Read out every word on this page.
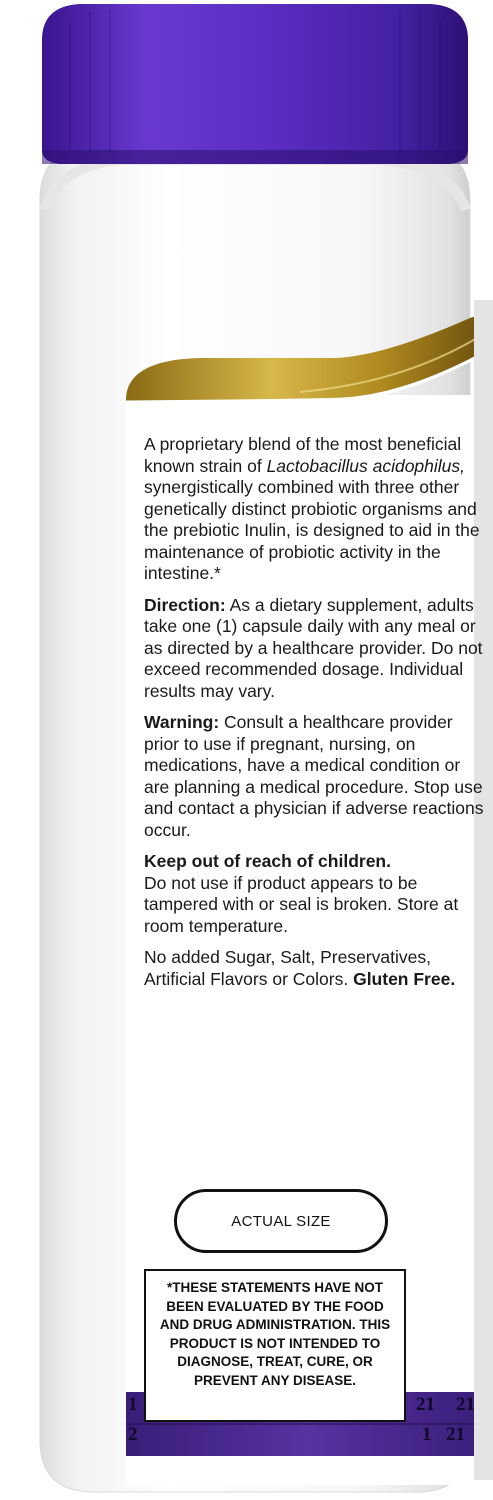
1
2
21 21
1 21

A proprietary blend of the most beneficial known strain of Lactobacillus acidophilus, synergistically combined with three other genetically distinct probiotic organisms and the prebiotic Inulin, is designed to aid in the maintenance of probiotic activity in the intestine.*

Direction: As a dietary supplement, adults take one (1) capsule daily with any meal or as directed by a healthcare provider. Do not exceed recommended dosage. Individual results may vary.

Warning: Consult a healthcare provider prior to use if pregnant, nursing, on medications, have a medical condition or are planning a medical procedure. Stop use and contact a physician if adverse reactions occur.

Keep out of reach of children.
Do not use if product appears to be tampered with or seal is broken. Store at room temperature.

No added Sugar, Salt, Preservatives, Artificial Flavors or Colors. Gluten Free.

ACTUAL SIZE
*THESE STATEMENTS HAVE NOT BEEN EVALUATED BY THE FOOD AND DRUG ADMINISTRATION. THIS PRODUCT IS NOT INTENDED TO DIAGNOSE, TREAT, CURE, OR PREVENT ANY DISEASE.
